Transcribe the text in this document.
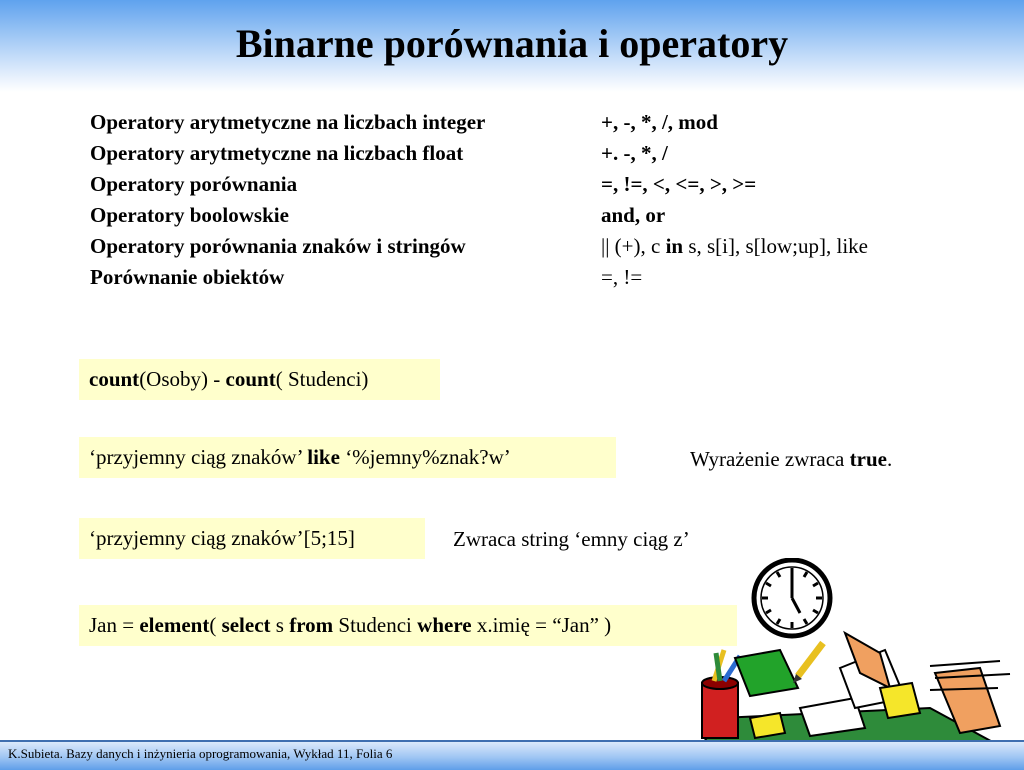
Binarne porównania i operatory
Operatory arytmetyczne na liczbach integer	+, -, *, /, mod
Operatory arytmetyczne na liczbach float	+. -, *, /
Operatory porównania	=, !=, <, <=, >, >=
Operatory boolowskie	and, or
Operatory porównania znaków i stringów	|| (+), c in s, s[i], s[low;up], like
Porównanie obiektów	=, !=
count(Osoby) - count( Studenci)
‘przyjemny ciąg znaków’ like ‘%jemny%znak?w’	Wyrażenie zwraca true.
‘przyjemny ciąg znaków’[5;15]	Zwraca string ‘emny ciąg z’
Jan = element( select s from Studenci where x.imię = “Jan” )
K.Subieta. Bazy danych i inżynieria oprogramowania, Wykład 11, Folia 6
